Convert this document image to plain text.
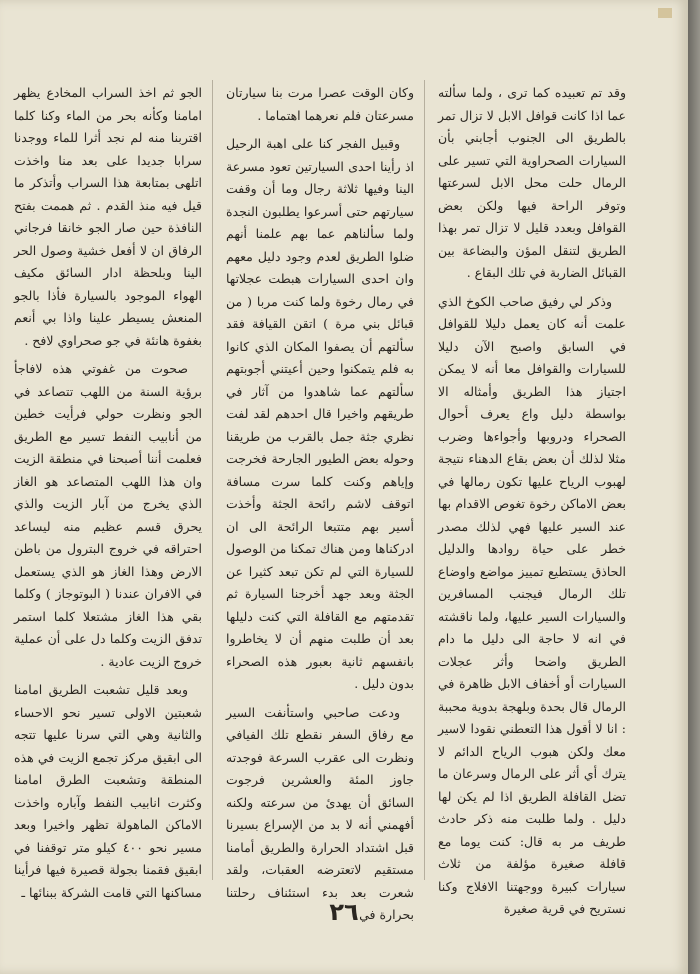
وقد تم تعبيده كما ترى ، ولما سألته عما اذا كانت قوافل الابل لا تزال تمر بالطريق الى الجنوب أجابني بأن السيارات الصحراوية التي تسير على الرمال حلت محل الابل لسرعتها وتوفر الراحة فيها ولكن بعض القوافل وبعدد قليل لا تزال تمر بهذا الطريق لتنقل المؤن والبضاعة بين القبائل الضاربة في تلك البقاع .

وذكر لي رفيق صاحب الكوخ الذي علمت أنه كان يعمل دليلا للقوافل في السابق واصبح الآن دليلا للسيارات والقوافل معا أنه لا يمكن اجتياز هذا الطريق وأمثاله الا بواسطة دليل واع يعرف أحوال الصحراء ودروبها وأجواءها وضرب مثلا لذلك أن بعض بقاع الدهناء نتيجة لهبوب الرياح عليها تكون رمالها في بعض الاماكن رخوة تغوص الاقدام بها عند السير عليها فهي لذلك مصدر خطر على حياة روادها والدليل الحاذق يستطيع تمييز مواضع واوضاع تلك الرمال فيجنب المسافرين والسيارات السير عليها، ولما ناقشته في انه لا حاجة الى دليل ما دام الطريق واضحا وأثر عجلات السيارات أو أخفاف الابل ظاهرة في الرمال قال بحدة وبلهجة بدوية محببة : انا لا أقول هذا التعطني نقودا لاسير معك ولكن هبوب الرياح الدائم لا يترك أي أثر على الرمال وسرعان ما تضل القافلة الطريق اذا لم يكن لها دليل . ولما طلبت منه ذكر حادث طريف مر به قال: كنت يوما مع قافلة صغيرة مؤلفة من ثلاث سيارات كبيرة ووجهتنا الافلاج وكنا نستريح في قرية صغيرة

وكان الوقت عصرا مرت بنا سيارتان مسرعتان فلم نعرهما اهتماما .

وقبيل الفجر كنا على اهبة الرحيل اذ رأينا احدى السيارتين تعود مسرعة الينا وفيها ثلاثة رجال وما أن وقفت سيارتهم حتى أسرعوا يطلبون النجدة ولما سألناهم عما بهم علمنا أنهم ضلوا الطريق لعدم وجود دليل معهم وان احدى السيارات هبطت عجلاتها في رمال رخوة ولما كنت مربا ( من قبائل بني مرة ) اتقن القيافة فقد سألتهم أن يصفوا المكان الذي كانوا به فلم يتمكنوا وحين أعيتني أجوبتهم سألتهم عما شاهدوا من آثار في طريقهم واخيرا قال احدهم لقد لفت نظري جثة جمل بالقرب من طريقنا وحوله بعض الطيور الجارحة فخرجت وإياهم وكنت كلما سرت مسافة اتوقف لاشم رائحة الجثة وأخذت أسير بهم متتبعا الرائحة الى ان ادركناها ومن هناك تمكنا من الوصول للسيارة التي لم تكن تبعد كثيرا عن الجثة وبعد جهد أخرجنا السيارة ثم تقدمتهم مع القافلة التي كنت دليلها بعد أن طلبت منهم أن لا يخاطروا بانفسهم ثانية بعبور هذه الصحراء بدون دليل .

ودعت صاحبي واستأنفت السير مع رفاق السفر نقطع تلك الفيافي ونظرت الى عقرب السرعة فوجدته جاوز المئة والعشرين فرجوت السائق أن يهدئ من سرعته ولكنه أفهمني أنه لا بد من الإسراع بسيرنا قبل اشتداد الحرارة والطريق أمامنا مستقيم لاتعترضه العقبات، ولقد شعرت بعد بدء استئناف رحلتنا بحرارة في

الجو ثم اخذ السراب المخادع يظهر امامنا وكأنه بحر من الماء وكنا كلما اقتربنا منه لم نجد أثرا للماء ووجدنا سرابا جديدا على بعد منا واخذت اتلهى بمتابعة هذا السراب وأتذكر ما قيل فيه منذ القدم . ثم هممت بفتح النافذة حين صار الجو خانقا فرجاني الرفاق ان لا أفعل خشية وصول الحر الينا وبلحظة ادار السائق مكيف الهواء الموجود بالسيارة فأذا بالجو المنعش يسيطر علينا واذا بي أنعم بغفوة هانئة في جو صحراوي لافح .

صحوت من غفوتي هذه لافاجأ برؤية السنة من اللهب تتصاعد في الجو ونظرت حولي فرأيت خطين من أنابيب النفط تسير مع الطريق فعلمت أننا أصبحنا في منطقة الزيت وان هذا اللهب المتصاعد هو الغاز الذي يخرج من آبار الزيت والذي يحرق قسم عظيم منه ليساعد احتراقه في خروج البترول من باطن الارض وهذا الغاز هو الذي يستعمل في الافران عندنا ( البوتوجاز ) وكلما بقي هذا الغاز مشتعلا كلما استمر تدفق الزيت وكلما دل على أن عملية خروج الزيت عادية .

وبعد قليل تشعبت الطريق امامنا شعبتين الاولى تسير نحو الاحساء والثانية وهي التي سرنا عليها تتجه الى ابقيق مركز تجمع الزيت في هذه المنطقة وتشعبت الطرق امامنا وكثرت انابيب النفط وآباره واخذت الاماكن الماهولة تظهر واخيرا وبعد مسير نحو ٤٠٠ كيلو متر توقفنا في ابقيق فقمنا بجولة قصيرة فيها فرأينا مساكنها التي قامت الشركة ببنائها ـ

٢٦
